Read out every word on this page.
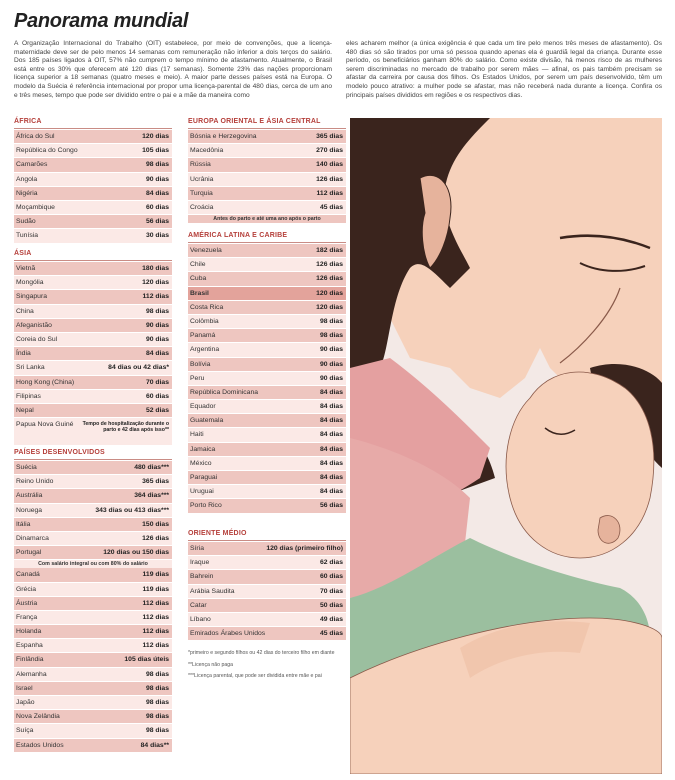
Panorama mundial
A Organização Internacional do Trabalho (OIT) estabelece, por meio de convenções, que a licença-maternidade deve ser de pelo menos 14 semanas com remuneração não inferior a dois terços do salário. Dos 185 países ligados à OIT, 57% não cumprem o tempo mínimo de afastamento. Atualmente, o Brasil está entre os 30% que oferecem até 120 dias (17 semanas). Somente 23% das nações proporcionam licença superior a 18 semanas (quatro meses e meio). A maior parte desses países está na Europa. O modelo da Suécia é referência internacional por propor uma licença-parental de 480 dias, cerca de um ano e três meses, tempo que pode ser dividido entre o pai e a mãe da maneira como
eles acharem melhor (a única exigência é que cada um tire pelo menos três meses de afastamento). Os 480 dias só são tirados por uma só pessoa quando apenas ela é guardiã legal da criança. Durante esse período, os beneficiários ganham 80% do salário. Como existe divisão, há menos risco de as mulheres serem discriminadas no mercado de trabalho por serem mães — afinal, os pais também precisam se afastar da carreira por causa dos filhos. Os Estados Unidos, por serem um país desenvolvido, têm um modelo pouco atrativo: a mulher pode se afastar, mas não receberá nada durante a licença. Confira os principais países divididos em regiões e os respectivos dias.
ÁFRICA
África do Sul	120 dias
República do Congo	105 dias
Camarões	98 dias
Angola	90 dias
Nigéria	84 dias
Moçambique	60 dias
Sudão	56 dias
Tunísia	30 dias
ÁSIA
Vietnã	180 dias
Mongólia	120 dias
Singapura	112 dias
China	98 dias
Afeganistão	90 dias
Coreia do Sul	90 dias
Índia	84 dias
Sri Lanka	84 dias ou 42 dias*
Hong Kong (China)	70 dias
Filipinas	60 dias
Nepal	52 dias
Papua Nova Guiné	Tempo de hospitalização durante o parto e 42 dias após isso**
PAÍSES DESENVOLVIDOS
Suécia	480 dias***
Reino Unido	365 dias
Austrália	364 dias***
Noruega	343 dias ou 413 dias***
Itália	150 dias
Dinamarca	126 dias
Portugal	120 dias ou 150 dias
Com salário integral ou com 80% do salário
Canadá	119 dias
Grécia	119 dias
Áustria	112 dias
França	112 dias
Holanda	112 dias
Espanha	112 dias
Finlândia	105 dias úteis
Alemanha	98 dias
Israel	98 dias
Japão	98 dias
Nova Zelândia	98 dias
Suíça	98 dias
Estados Unidos	84 dias**
EUROPA ORIENTAL E ÁSIA CENTRAL
Bósnia e Herzegovina	365 dias
Macedônia	270 dias
Rússia	140 dias
Ucrânia	126 dias
Turquia	112 dias
Croácia	45 dias
Antes do parto e até uma ano após o parto
AMÉRICA LATINA E CARIBE
Venezuela	182 dias
Chile	126 dias
Cuba	126 dias
Brasil	120 dias
Costa Rica	120 dias
Colômbia	98 dias
Panamá	98 dias
Argentina	90 dias
Bolívia	90 dias
Peru	90 dias
República Dominicana	84 dias
Equador	84 dias
Guatemala	84 dias
Haiti	84 dias
Jamaica	84 dias
México	84 dias
Paraguai	84 dias
Uruguai	84 dias
Porto Rico	56 dias
ORIENTE MÉDIO
Síria	120 dias (primeiro filho)
Iraque	62 dias
Bahrein	60 dias
Arábia Saudita	70 dias
Catar	50 dias
Líbano	49 dias
Emirados Árabes Unidos	45 dias

*primeiro e segundo filhos ou 42 dias do terceiro filho em diante

**Licença não paga

***Licença parental, que pode ser dividida entre mãe e pai
